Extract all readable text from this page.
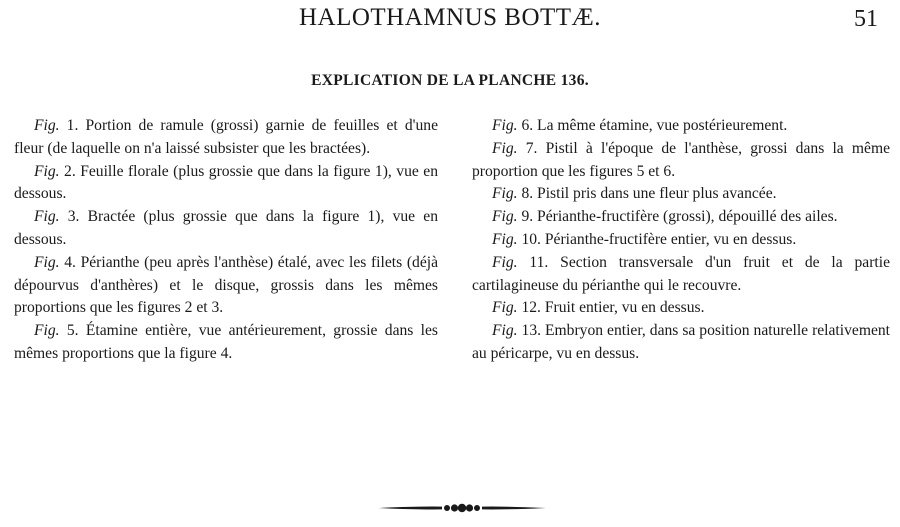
HALOTHAMNUS BOTTÆ.	51
EXPLICATION DE LA PLANCHE 136.

Fig. 1. Portion de ramule (grossi) garnie de feuilles et d'une fleur (de laquelle on n'a laissé subsister que les bractées).

Fig. 2. Feuille florale (plus grossie que dans la figure 1), vue en dessous.

Fig. 3. Bractée (plus grossie que dans la figure 1), vue en dessous.

Fig. 4. Périanthe (peu après l'anthèse) étalé, avec les filets (déjà dépourvus d'anthères) et le disque, grossis dans les mêmes proportions que les figures 2 et 3.

Fig. 5. Étamine entière, vue antérieurement, grossie dans les mêmes proportions que la figure 4.

Fig. 6. La même étamine, vue postérieurement.

Fig. 7. Pistil à l'époque de l'anthèse, grossi dans la même proportion que les figures 5 et 6.

Fig. 8. Pistil pris dans une fleur plus avancée.

Fig. 9. Périanthe-fructifère (grossi), dépouillé des ailes.

Fig. 10. Périanthe-fructifère entier, vu en dessus.

Fig. 11. Section transversale d'un fruit et de la partie cartilagineuse du périanthe qui le recouvre.

Fig. 12. Fruit entier, vu en dessus.

Fig. 13. Embryon entier, dans sa position naturelle relativement au péricarpe, vu en dessus.
